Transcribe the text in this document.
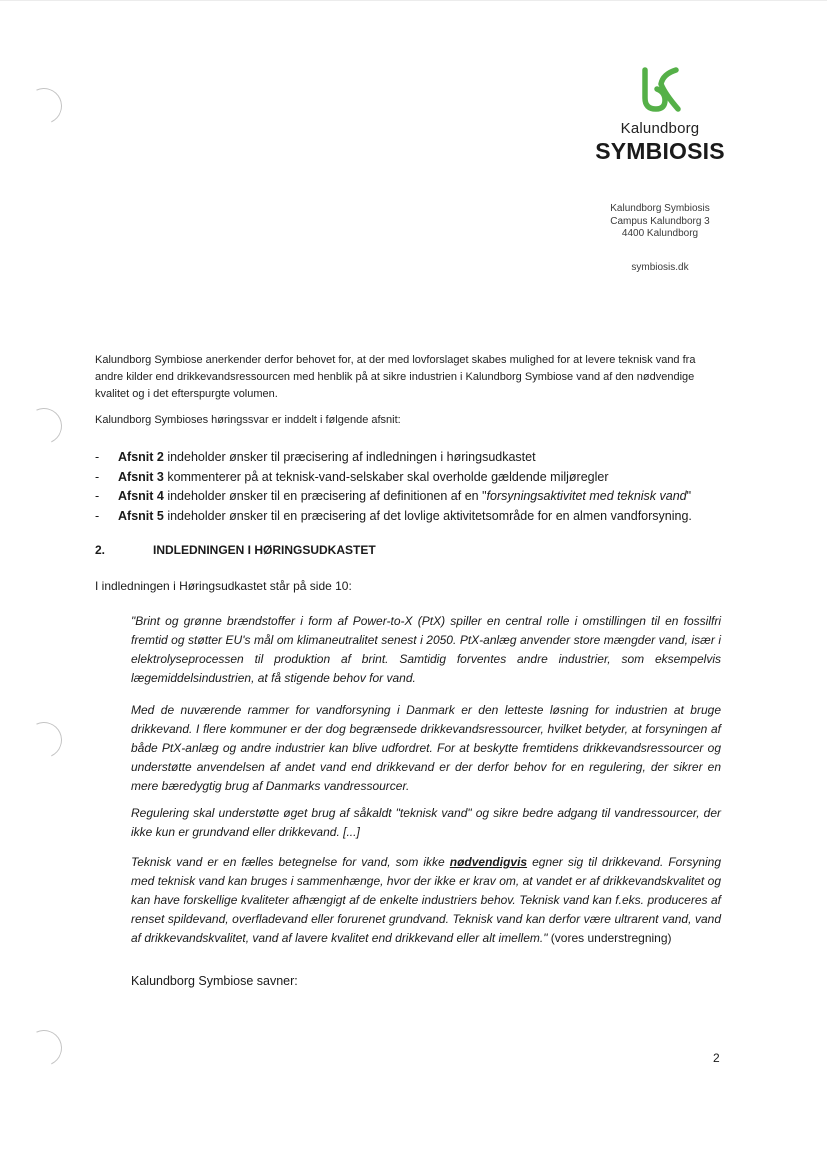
Kalundborg
SYMBIOSIS
Kalundborg Symbiosis
Campus Kalundborg 3
4400 Kalundborg
symbiosis.dk
Kalundborg Symbiose anerkender derfor behovet for, at der med lovforslaget skabes mulighed for at levere teknisk vand fra andre kilder end drikkevandsressourcen med henblik på at sikre industrien i Kalundborg Symbiose vand af den nødvendige kvalitet og i det efterspurgte volumen.
Kalundborg Symbioses høringssvar er inddelt i følgende afsnit:
- Afsnit 2 indeholder ønsker til præcisering af indledningen i høringsudkastet
- Afsnit 3 kommenterer på at teknisk-vand-selskaber skal overholde gældende miljøregler
- Afsnit 4 indeholder ønsker til en præcisering af definitionen af en "forsyningsaktivitet med teknisk vand"
- Afsnit 5 indeholder ønsker til en præcisering af det lovlige aktivitetsområde for en almen vandforsyning.
2.	INDLEDNINGEN I HØRINGSUDKASTET
I indledningen i Høringsudkastet står på side 10:
"Brint og grønne brændstoffer i form af Power-to-X (PtX) spiller en central rolle i omstillingen til en fossilfri fremtid og støtter EU's mål om klimaneutralitet senest i 2050. PtX-anlæg anvender store mængder vand, især i elektrolyseprocessen til produktion af brint. Samtidig forventes andre industrier, som eksempelvis lægemiddelsindustrien, at få stigende behov for vand.
Med de nuværende rammer for vandforsyning i Danmark er den letteste løsning for industrien at bruge drikkevand. I flere kommuner er der dog begrænsede drikkevandsressourcer, hvilket betyder, at forsyningen af både PtX-anlæg og andre industrier kan blive udfordret. For at beskytte fremtidens drikkevandsressourcer og understøtte anvendelsen af andet vand end drikkevand er der derfor behov for en regulering, der sikrer en mere bæredygtig brug af Danmarks vandressourcer.
Regulering skal understøtte øget brug af såkaldt "teknisk vand" og sikre bedre adgang til vandressourcer, der ikke kun er grundvand eller drikkevand. [...]
Teknisk vand er en fælles betegnelse for vand, som ikke nødvendigvis egner sig til drikkevand. Forsyning med teknisk vand kan bruges i sammenhænge, hvor der ikke er krav om, at vandet er af drikkevandskvalitet og kan have forskellige kvaliteter afhængigt af de enkelte industriers behov. Teknisk vand kan f.eks. produceres af renset spildevand, overfladevand eller forurenet grundvand. Teknisk vand kan derfor være ultrarent vand, vand af drikkevandskvalitet, vand af lavere kvalitet end drikkevand eller alt imellem." (vores understregning)
Kalundborg Symbiose savner:
2
